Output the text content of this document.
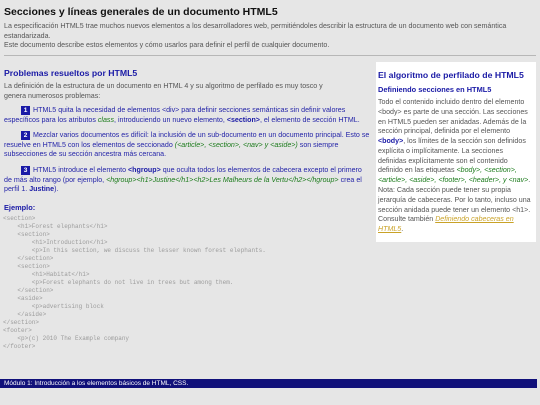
Secciones y líneas generales de un documento HTML5

La especificación HTML5 trae muchos nuevos elementos a los desarrolladores web, permitiéndoles describir la estructura de un documento web con semántica estandarizada.
Este documento describe estos elementos y cómo usarlos para definir el perfil de cualquier documento.

Problemas resueltos por HTML5

La definición de la estructura de un documento en HTML 4 y su algoritmo de perfilado es muy tosco y genera numerosos problemas:

1 HTML5 quita la necesidad de elementos <div> para definir secciones semánticas sin definir valores específicos para los atributos class, introduciendo un nuevo elemento, <section>, el elemento de sección HTML.
2 Mezclar varios documentos es difícil: la inclusión de un sub-documento en un documento principal. Esto se resuelve en HTML5 con los elementos de seccionado (<article>, <section>, <nav> y <aside>) son siempre subsecciones de su sección ancestra más cercana.
3 HTML5 introduce el elemento <hgroup> que oculta todos los elementos de cabecera excepto el primero de más alto rango (por ejemplo, <hgroup><h1>Justine</h1><h2>Les Malheurs de la Vertu</h2></hgroup> crea el perfil 1. Justine).
Ejemplo:
<section>
<h1>Forest elephants</h1>
<section>
<h1>Introduction</h1>
<p>In this section, we discuss the lesser known forest elephants.
</section>
<section>
<h1>Habitat</h1>
<p>Forest elephants do not live in trees but among them.
</section>
<aside>
<p>advertising block
</aside>
</section>
<footer>
<p>(c) 2010 The Example company
</footer>
El algoritmo de perfilado de HTML5
Definiendo secciones en HTML5

Todo el contenido incluido dentro del elemento <body> es parte de una sección. Las secciones en HTML5 pueden ser anidadas. Además de la sección principal, definida por el elemento <body>, los límites de la sección son definidos explícita o implícitamente. La secciones definidas explícitamente son el contenido definido en las etiquetas <body>, <section>, <article>, <aside>, <footer>, <header>, y <nav>. Nota: Cada sección puede tener su propia jerarquía de cabeceras. Por lo tanto, incluso una sección anidada puede tener un elemento <h1>. Consulte también Definiendo cabeceras en HTML5.

Módulo 1: Introducción a los elementos básicos de HTML, CSS.
